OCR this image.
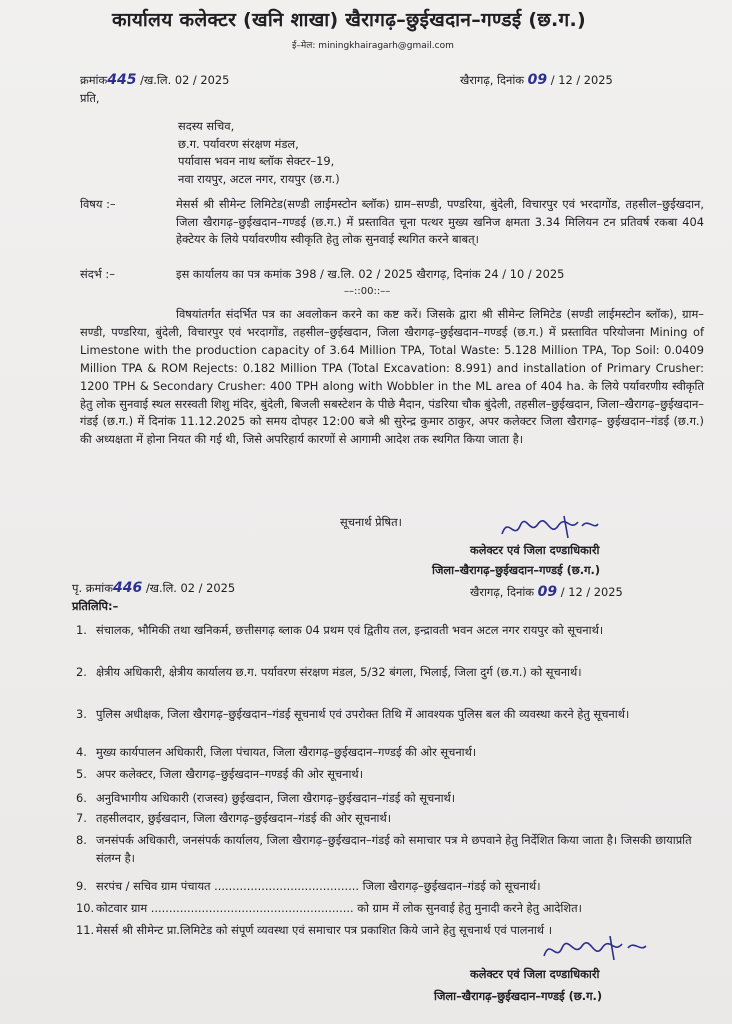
कार्यालय कलेक्टर (खनि शाखा) खैरागढ़–छुईखदान–गण्डई (छ.ग.)
ई–मेल: miningkhairagarh@gmail.com
क्रमांक445 /ख.लि. 02 / 2025	खैरागढ़, दिनांक 09 / 12 / 2025
प्रति,
सदस्य सचिव,
छ.ग. पर्यावरण संरक्षण मंडल,
पर्यावास भवन नाथ ब्लॉक सेक्टर–19,
नवा रायपुर, अटल नगर, रायपुर (छ.ग.)
विषय :–	मेसर्स श्री सीमेन्ट लिमिटेड(सण्डी लाईमस्टोन ब्लॉक) ग्राम–सण्डी, पण्डरिया, बुंदेली, विचारपुर एवं भरदागोंड, तहसील–छुईखदान, जिला खैरागढ़–छुईखदान–गण्डई (छ.ग.) में प्रस्तावित चूना पत्थर मुख्य खनिज क्षमता 3.34 मिलियन टन प्रतिवर्ष रकबा 404 हेक्टेयर के लिये पर्यावरणीय स्वीकृति हेतु लोक सुनवाई स्थगित करने बाबत्।
संदर्भ :–	इस कार्यालय का पत्र कमांक 398 / ख.लि. 02 / 2025 खैरागढ़, दिनांक 24 / 10 / 2025
––::00::––
विषयांतर्गत संदर्भित पत्र का अवलोकन करने का कष्ट करें। जिसके द्वारा श्री सीमेन्ट लिमिटेड (सण्डी लाईमस्टोन ब्लॉक), ग्राम–सण्डी, पण्डरिया, बुंदेली, विचारपुर एवं भरदागोंड, तहसील–छुईखदान, जिला खैरागढ़–छुईखदान–गण्डई (छ.ग.) में प्रस्तावित परियोजना Mining of Limestone with the production capacity of 3.64 Million TPA, Total Waste: 5.128 Million TPA, Top Soil: 0.0409 Million TPA & ROM Rejects: 0.182 Million TPA (Total Excavation: 8.991) and installation of Primary Crusher: 1200 TPH & Secondary Crusher: 400 TPH along with Wobbler in the ML area of 404 ha. के लिये पर्यावरणीय स्वीकृति हेतु लोक सुनवाई स्थल सरस्वती शिशु मंदिर, बुंदेली, बिजली सबस्टेशन के पीछे मैदान, पंडरिया चौक बुंदेली, तहसील–छुईखदान, जिला–खैरागढ़–छुईखदान–गंडई (छ.ग.) में दिनांक 11.12.2025 को समय दोपहर 12:00 बजे श्री सुरेन्द्र कुमार ठाकुर, अपर कलेक्टर जिला खैरागढ़– छुईखदान–गंडई (छ.ग.) की अध्यक्षता में होना नियत की गई थी, जिसे अपरिहार्य कारणों से आगामी आदेश तक स्थगित किया जाता है।
सूचनार्थ प्रेषित।
कलेक्टर एवं जिला दण्डाधिकारी
जिला–खैरागढ़–छुईखदान–गण्डई (छ.ग.)
पृ. क्रमांक446 /ख.लि. 02 / 2025	खैरागढ़, दिनांक 09 / 12 / 2025
प्रतिलिपि:–
1. संचालक, भौमिकी तथा खनिकर्म, छत्तीसगढ़ ब्लाक 04 प्रथम एवं द्वितीय तल, इन्द्रावती भवन अटल नगर रायपुर को सूचनार्थ।
2. क्षेत्रीय अधिकारी, क्षेत्रीय कार्यालय छ.ग. पर्यावरण संरक्षण मंडल, 5/32 बंगला, भिलाई, जिला दुर्ग (छ.ग.) को सूचनार्थ।
3. पुलिस अधीक्षक, जिला खैरागढ़–छुईखदान–गंडई सूचनार्थ एवं उपरोक्त तिथि में आवश्यक पुलिस बल की व्यवस्था करने हेतु सूचनार्थ।
4. मुख्य कार्यपालन अधिकारी, जिला पंचायत, जिला खैरागढ़–छुईखदान–गण्डई की ओर सूचनार्थ।
5. अपर कलेक्टर, जिला खैरागढ़–छुईखदान–गण्डई की ओर सूचनार्थ।
6. अनुविभागीय अधिकारी (राजस्व) छुईखदान, जिला खैरागढ़–छुईखदान–गंडई को सूचनार्थ।
7. तहसीलदार, छुईखदान, जिला खैरागढ़–छुईखदान–गंडई की ओर सूचनार्थ।
8. जनसंपर्क अधिकारी, जनसंपर्क कार्यालय, जिला खैरागढ़–छुईखदान–गंडई को समाचार पत्र मे छपवाने हेतु निर्देशित किया जाता है। जिसकी छायाप्रति संलग्न है।
9. सरपंच / सचिव ग्राम पंचायत ........................................ जिला खैरागढ़–छुईखदान–गंडई को सूचनार्थ।
10. कोटवार ग्राम ........................................................ को ग्राम में लोक सुनवाई हेतु मुनादी करने हेतु आदेशित।
11. मेसर्स श्री सीमेन्ट प्रा.लिमिटेड को संपूर्ण व्यवस्था एवं समाचार पत्र प्रकाशित किये जाने हेतु सूचनार्थ एवं पालनार्थ ।
कलेक्टर एवं जिला दण्डाधिकारी
जिला–खैरागढ़–छुईखदान–गण्डई (छ.ग.)
